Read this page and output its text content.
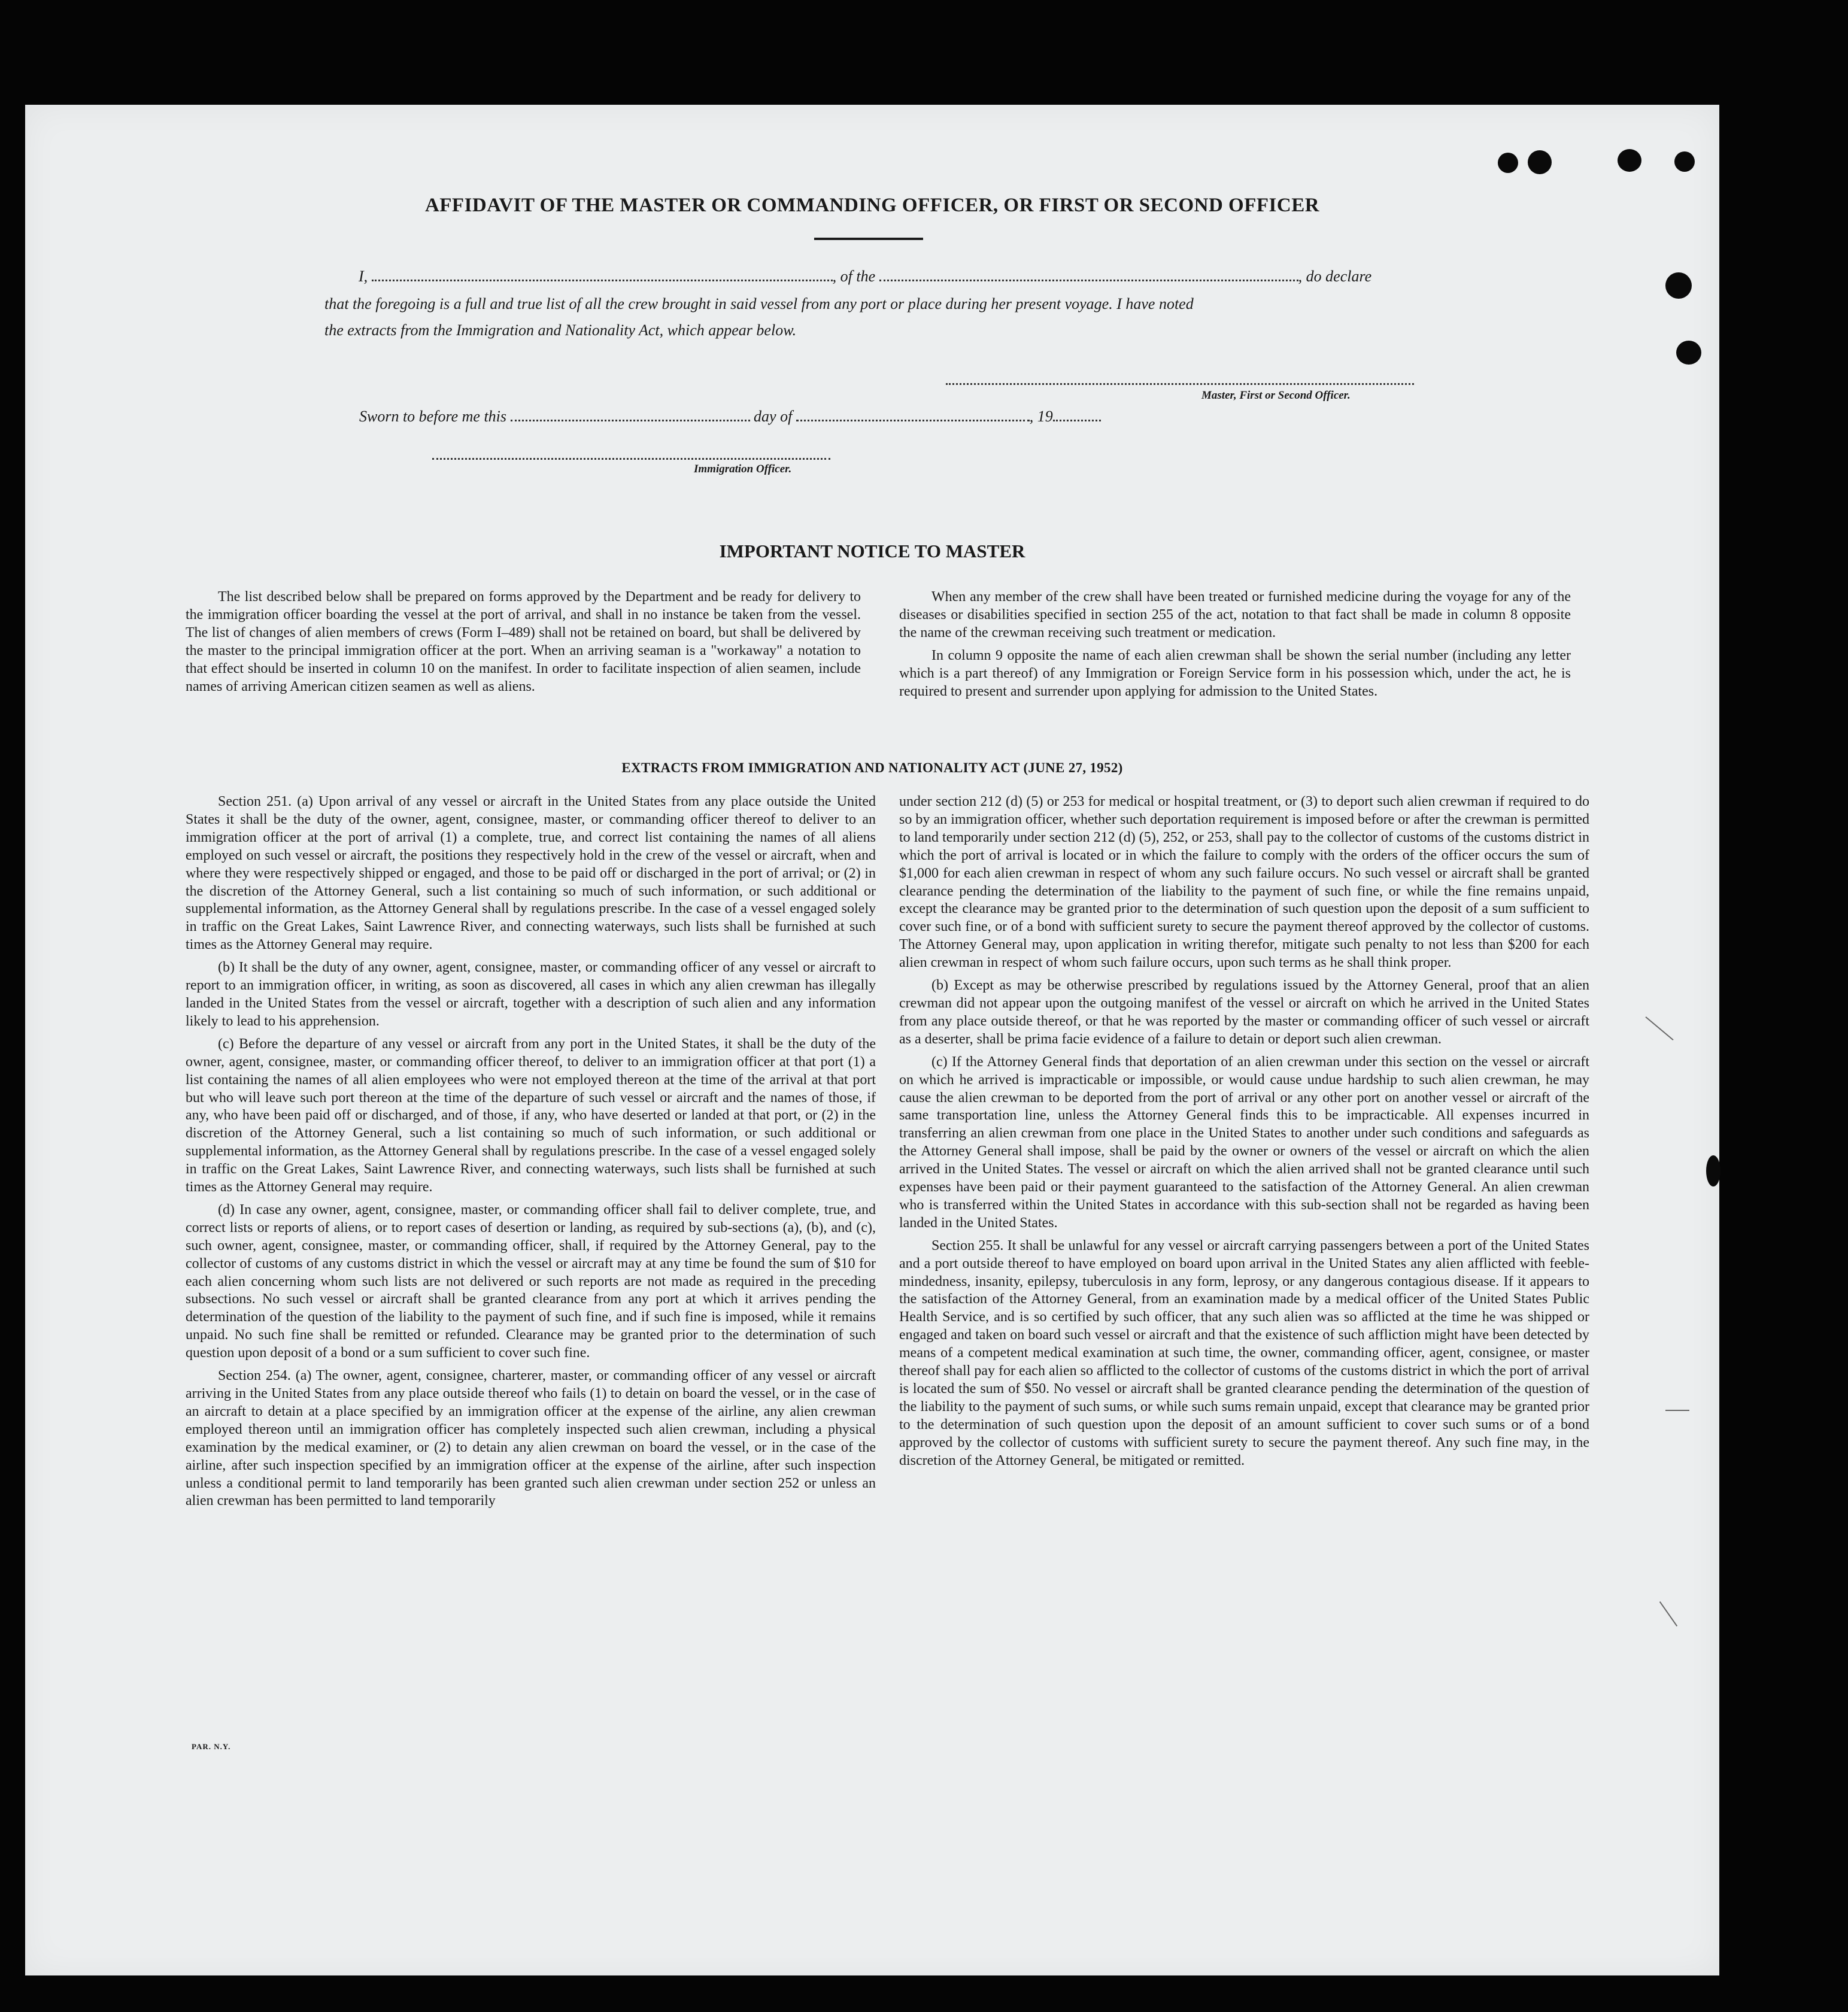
AFFIDAVIT OF THE MASTER OR COMMANDING OFFICER, OR FIRST OR SECOND OFFICER
I,	, of the	, do declare
that the foregoing is a full and true list of all the crew brought in said vessel from any port or place during her present voyage. I have noted
the extracts from the Immigration and Nationality Act, which appear below.
Master, First or Second Officer.
Sworn to before me this	day of	, 19
Immigration Officer.
IMPORTANT NOTICE TO MASTER

The list described below shall be prepared on forms approved by the Department and be ready for delivery to the immigration officer boarding the vessel at the port of arrival, and shall in no instance be taken from the vessel. The list of changes of alien members of crews (Form I–489) shall not be retained on board, but shall be delivered by the master to the principal immigration officer at the port. When an arriving seaman is a "workaway" a notation to that effect should be inserted in column 10 on the manifest. In order to facilitate inspection of alien seamen, include names of arriving American citizen seamen as well as aliens.

When any member of the crew shall have been treated or furnished medicine during the voyage for any of the diseases or disabilities specified in section 255 of the act, notation to that fact shall be made in column 8 opposite the name of the crewman receiving such treatment or medication.

In column 9 opposite the name of each alien crewman shall be shown the serial number (including any letter which is a part thereof) of any Immigration or Foreign Service form in his possession which, under the act, he is required to present and surrender upon applying for admission to the United States.

EXTRACTS FROM IMMIGRATION AND NATIONALITY ACT (JUNE 27, 1952)

Section 251. (a) Upon arrival of any vessel or aircraft in the United States from any place outside the United States it shall be the duty of the owner, agent, consignee, master, or commanding officer thereof to deliver to an immigration officer at the port of arrival (1) a complete, true, and correct list containing the names of all aliens employed on such vessel or aircraft, the positions they respectively hold in the crew of the vessel or aircraft, when and where they were respectively shipped or engaged, and those to be paid off or discharged in the port of arrival; or (2) in the discretion of the Attorney General, such a list containing so much of such information, or such additional or supplemental information, as the Attorney General shall by regulations prescribe. In the case of a vessel engaged solely in traffic on the Great Lakes, Saint Lawrence River, and connecting waterways, such lists shall be furnished at such times as the Attorney General may require.

(b) It shall be the duty of any owner, agent, consignee, master, or commanding officer of any vessel or aircraft to report to an immigration officer, in writing, as soon as discovered, all cases in which any alien crewman has illegally landed in the United States from the vessel or aircraft, together with a description of such alien and any information likely to lead to his apprehension.

(c) Before the departure of any vessel or aircraft from any port in the United States, it shall be the duty of the owner, agent, consignee, master, or commanding officer thereof, to deliver to an immigration officer at that port (1) a list containing the names of all alien employees who were not employed thereon at the time of the arrival at that port but who will leave such port thereon at the time of the departure of such vessel or aircraft and the names of those, if any, who have been paid off or discharged, and of those, if any, who have deserted or landed at that port, or (2) in the discretion of the Attorney General, such a list containing so much of such information, or such additional or supplemental information, as the Attorney General shall by regulations prescribe. In the case of a vessel engaged solely in traffic on the Great Lakes, Saint Lawrence River, and connecting waterways, such lists shall be furnished at such times as the Attorney General may require.

(d) In case any owner, agent, consignee, master, or commanding officer shall fail to deliver complete, true, and correct lists or reports of aliens, or to report cases of desertion or landing, as required by sub-sections (a), (b), and (c), such owner, agent, consignee, master, or commanding officer, shall, if required by the Attorney General, pay to the collector of customs of any customs district in which the vessel or aircraft may at any time be found the sum of $10 for each alien concerning whom such lists are not delivered or such reports are not made as required in the preceding subsections. No such vessel or aircraft shall be granted clearance from any port at which it arrives pending the determination of the question of the liability to the payment of such fine, and if such fine is imposed, while it remains unpaid. No such fine shall be remitted or refunded. Clearance may be granted prior to the determination of such question upon deposit of a bond or a sum sufficient to cover such fine.

Section 254. (a) The owner, agent, consignee, charterer, master, or commanding officer of any vessel or aircraft arriving in the United States from any place outside thereof who fails (1) to detain on board the vessel, or in the case of an aircraft to detain at a place specified by an immigration officer at the expense of the airline, any alien crewman employed thereon until an immigration officer has completely inspected such alien crewman, including a physical examination by the medical examiner, or (2) to detain any alien crewman on board the vessel, or in the case of the airline, after such inspection specified by an immigration officer at the expense of the airline, after such inspection unless a conditional permit to land temporarily has been granted such alien crewman under section 252 or unless an alien crewman has been permitted to land temporarily

under section 212 (d) (5) or 253 for medical or hospital treatment, or (3) to deport such alien crewman if required to do so by an immigration officer, whether such deportation requirement is imposed before or after the crewman is permitted to land temporarily under section 212 (d) (5), 252, or 253, shall pay to the collector of customs of the customs district in which the port of arrival is located or in which the failure to comply with the orders of the officer occurs the sum of $1,000 for each alien crewman in respect of whom any such failure occurs. No such vessel or aircraft shall be granted clearance pending the determination of the liability to the payment of such fine, or while the fine remains unpaid, except the clearance may be granted prior to the determination of such question upon the deposit of a sum sufficient to cover such fine, or of a bond with sufficient surety to secure the payment thereof approved by the collector of customs. The Attorney General may, upon application in writing therefor, mitigate such penalty to not less than $200 for each alien crewman in respect of whom such failure occurs, upon such terms as he shall think proper.

(b) Except as may be otherwise prescribed by regulations issued by the Attorney General, proof that an alien crewman did not appear upon the outgoing manifest of the vessel or aircraft on which he arrived in the United States from any place outside thereof, or that he was reported by the master or commanding officer of such vessel or aircraft as a deserter, shall be prima facie evidence of a failure to detain or deport such alien crewman.

(c) If the Attorney General finds that deportation of an alien crewman under this section on the vessel or aircraft on which he arrived is impracticable or impossible, or would cause undue hardship to such alien crewman, he may cause the alien crewman to be deported from the port of arrival or any other port on another vessel or aircraft of the same transportation line, unless the Attorney General finds this to be impracticable. All expenses incurred in transferring an alien crewman from one place in the United States to another under such conditions and safeguards as the Attorney General shall impose, shall be paid by the owner or owners of the vessel or aircraft on which the alien arrived in the United States. The vessel or aircraft on which the alien arrived shall not be granted clearance until such expenses have been paid or their payment guaranteed to the satisfaction of the Attorney General. An alien crewman who is transferred within the United States in accordance with this sub-section shall not be regarded as having been landed in the United States.

Section 255. It shall be unlawful for any vessel or aircraft carrying passengers between a port of the United States and a port outside thereof to have employed on board upon arrival in the United States any alien afflicted with feeble-mindedness, insanity, epilepsy, tuberculosis in any form, leprosy, or any dangerous contagious disease. If it appears to the satisfaction of the Attorney General, from an examination made by a medical officer of the United States Public Health Service, and is so certified by such officer, that any such alien was so afflicted at the time he was shipped or engaged and taken on board such vessel or aircraft and that the existence of such affliction might have been detected by means of a competent medical examination at such time, the owner, commanding officer, agent, consignee, or master thereof shall pay for each alien so afflicted to the collector of customs of the customs district in which the port of arrival is located the sum of $50. No vessel or aircraft shall be granted clearance pending the determination of the question of the liability to the payment of such sums, or while such sums remain unpaid, except that clearance may be granted prior to the determination of such question upon the deposit of an amount sufficient to cover such sums or of a bond approved by the collector of customs with sufficient surety to secure the payment thereof. Any such fine may, in the discretion of the Attorney General, be mitigated or remitted.

PAR. N.Y.
